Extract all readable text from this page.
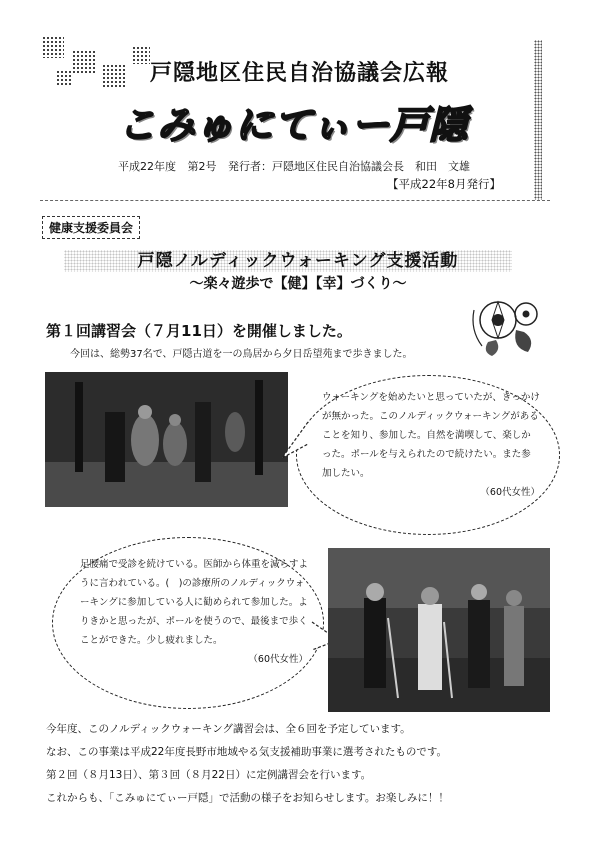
戸隠地区住民自治協議会広報
こみゅにてぃー戸隠
平成22年度 第2号 発行者：戸隠地区住民自治協議会長　和田　文雄
【平成22年8月発行】
健康支援委員会
戸隠ノルディックウォーキング支援活動
～楽々遊歩で【健】【幸】づくり～
第１回講習会（７月11日）を開催しました。
今回は、総勢37名で、戸隠古道を一の鳥居から夕日岳望苑まで歩きました。
ウォーキングを始めたいと思っていたが、きっかけが無かった。このノルディックウォーキングがあることを知り、参加した。自然を満喫して、楽しかった。ポールを与えられたので続けたい。また参加したい。
（60代女性）
足腰痛で受診を続けている。医師から体重を減らすように言われている。(　)の診療所のノルディックウォーキングに参加している人に勧められて参加した。よりきかと思ったが、ポールを使うので、最後まで歩くことができた。少し疲れました。
（60代女性）
今年度、このノルディックウォーキング講習会は、全６回を予定しています。
なお、この事業は平成22年度長野市地域やる気支援補助事業に選考されたものです。
第２回（８月13日）、第３回（８月22日）に定例講習会を行います。
これからも、「こみゅにてぃー戸隠」で活動の様子をお知らせします。お楽しみに！！
